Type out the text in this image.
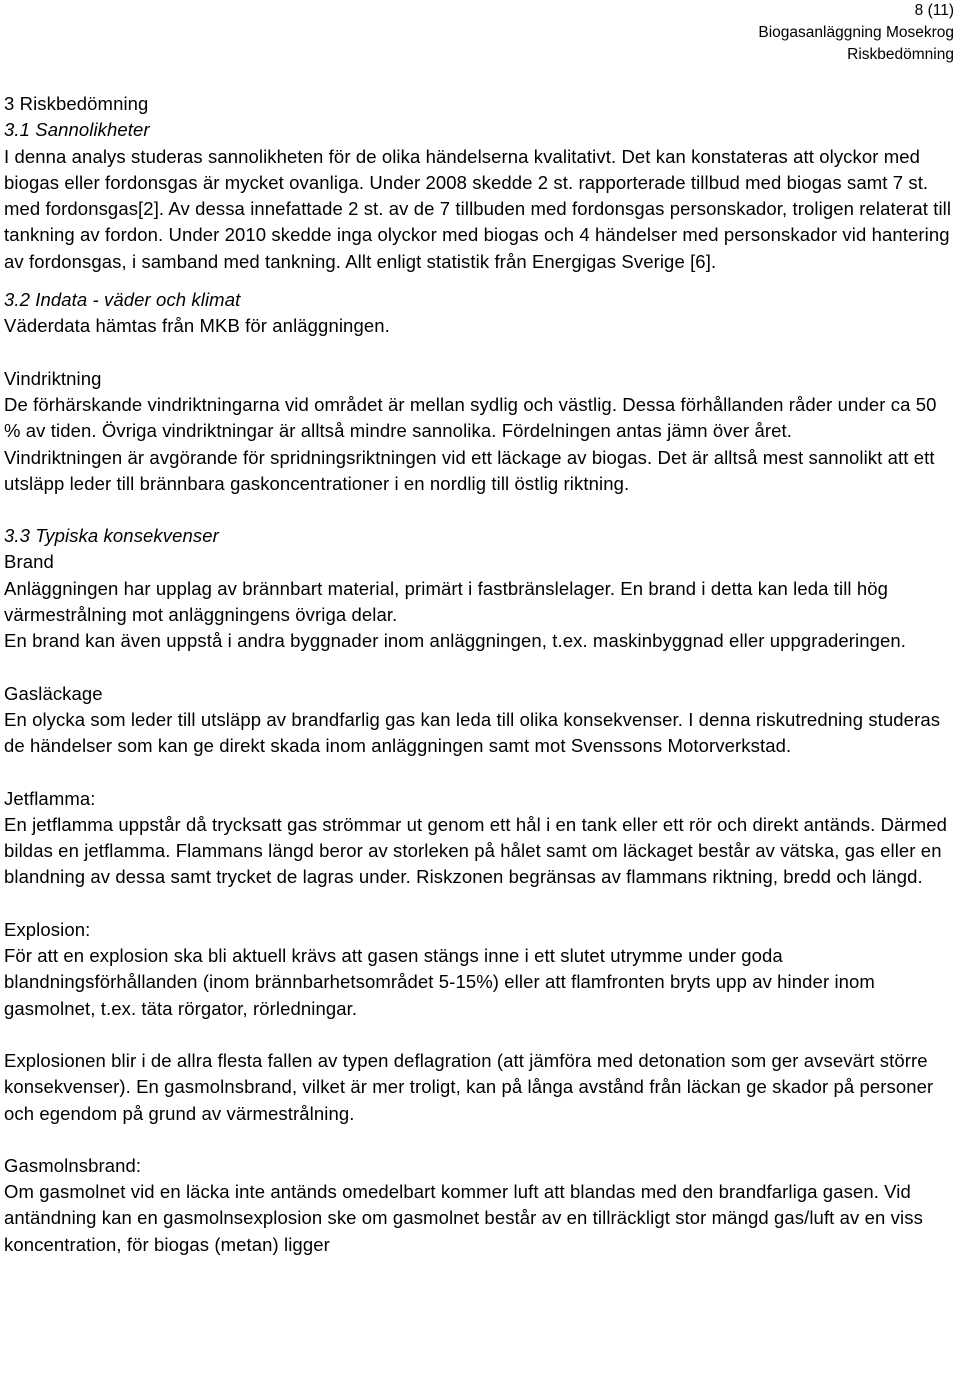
8 (11)
Biogasanläggning Mosekrog
Riskbedömning

3 Riskbedömning

3.1 Sannolikheter

I denna analys studeras sannolikheten för de olika händelserna kvalitativt. Det kan konstateras att olyckor med biogas eller fordonsgas är mycket ovanliga. Under 2008 skedde 2 st. rapporterade tillbud med biogas samt 7 st. med fordonsgas[2]. Av dessa innefattade 2 st. av de 7 tillbuden med fordonsgas personskador, troligen relaterat till tankning av fordon. Under 2010 skedde inga olyckor med biogas och 4 händelser med personskador vid hantering av fordonsgas, i samband med tankning. Allt enligt statistik från Energigas Sverige [6].

3.2 Indata - väder och klimat

Väderdata hämtas från MKB för anläggningen.

Vindriktning

De förhärskande vindriktningarna vid området är mellan sydlig och västlig. Dessa förhållanden råder under ca 50 % av tiden. Övriga vindriktningar är alltså mindre sannolika. Fördelningen antas jämn över året.

Vindriktningen är avgörande för spridningsriktningen vid ett läckage av biogas. Det är alltså mest sannolikt att ett utsläpp leder till brännbara gaskoncentrationer i en nordlig till östlig riktning.

3.3 Typiska konsekvenser

Brand

Anläggningen har upplag av brännbart material, primärt i fastbränslelager. En brand i detta kan leda till hög värmestrålning mot anläggningens övriga delar.

En brand kan även uppstå i andra byggnader inom anläggningen, t.ex. maskinbyggnad eller uppgraderingen.

Gasläckage

En olycka som leder till utsläpp av brandfarlig gas kan leda till olika konsekvenser. I denna riskutredning studeras de händelser som kan ge direkt skada inom anläggningen samt mot Svenssons Motorverkstad.

Jetflamma:

En jetflamma uppstår då trycksatt gas strömmar ut genom ett hål i en tank eller ett rör och direkt antänds. Därmed bildas en jetflamma. Flammans längd beror av storleken på hålet samt om läckaget består av vätska, gas eller en blandning av dessa samt trycket de lagras under. Riskzonen begränsas av flammans riktning, bredd och längd.

Explosion:

För att en explosion ska bli aktuell krävs att gasen stängs inne i ett slutet utrymme under goda blandningsförhållanden (inom brännbarhetsområdet 5-15%) eller att flamfronten bryts upp av hinder inom gasmolnet, t.ex. täta rörgator, rörledningar.

Explosionen blir i de allra flesta fallen av typen deflagration (att jämföra med detonation som ger avsevärt större konsekvenser). En gasmolnsbrand, vilket är mer troligt, kan på långa avstånd från läckan ge skador på personer och egendom på grund av värmestrålning.

Gasmolnsbrand:

Om gasmolnet vid en läcka inte antänds omedelbart kommer luft att blandas med den brandfarliga gasen. Vid antändning kan en gasmolnsexplosion ske om gasmolnet består av en tillräckligt stor mängd gas/luft av en viss koncentration, för biogas (metan) ligger
